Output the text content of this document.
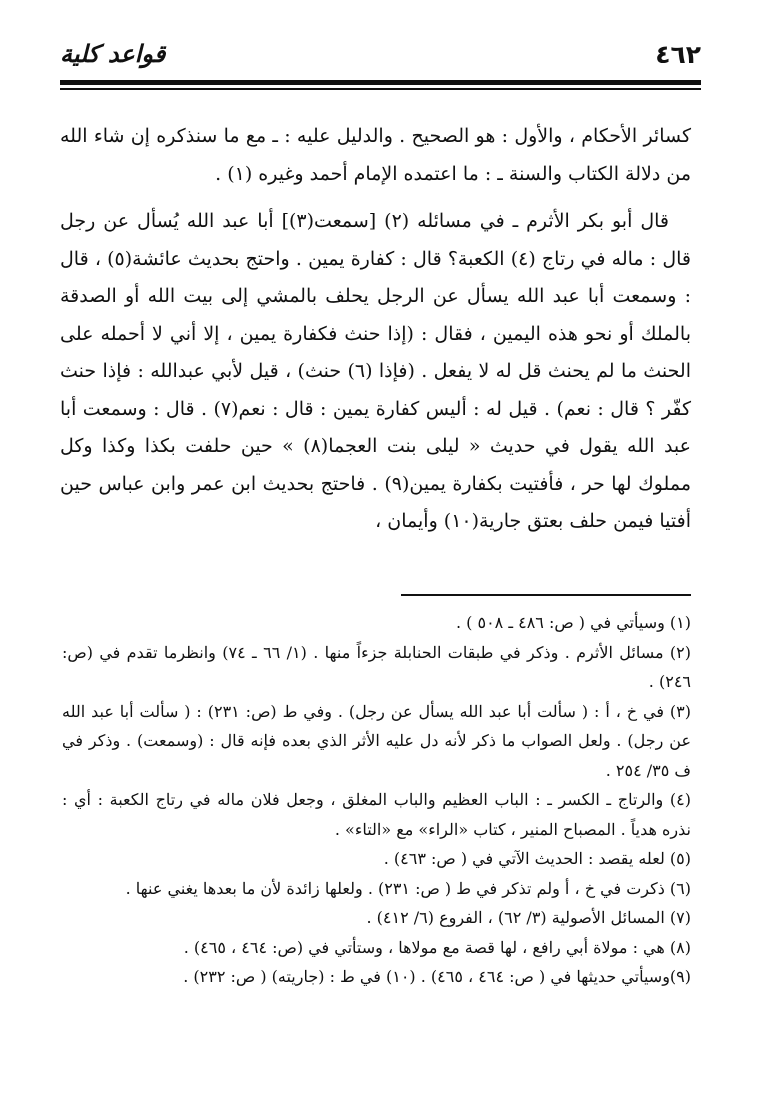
٤٦٢
قواعد كلية

كسائر الأحكام ، والأول : هو الصحيح . والدليل عليه : ـ مع ما سنذكره إن شاء الله من دلالة الكتاب والسنة ـ : ما اعتمده الإمام أحمد وغيره (١) .

قال أبو بكر الأثرم ـ في مسائله (٢) [سمعت(٣)] أبا عبد الله يُسأل عن رجل قال : ماله في رتاج (٤) الكعبة؟ قال : كفارة يمين . واحتج بحديث عائشة(٥) ، قال : وسمعت أبا عبد الله يسأل عن الرجل يحلف بالمشي إلى بيت الله أو الصدقة بالملك أو نحو هذه اليمين ، فقال : (إذا حنث فكفارة يمين ، إلا أني لا أحمله على الحنث ما لم يحنث قل له لا يفعل . (فإذا (٦) حنث) ، قيل لأبي عبدالله : فإذا حنث كفّر ؟ قال : نعم) . قيل له : أليس كفارة يمين : قال : نعم(٧) . قال : وسمعت أبا عبد الله يقول في حديث « ليلى بنت العجما(٨) » حين حلفت بكذا وكذا وكل مملوك لها حر ، فأفتيت بكفارة يمين(٩) . فاحتج بحديث ابن عمر وابن عباس حين أفتيا فيمن حلف بعتق جارية(١٠) وأيمان ،

(١) وسيأتي في ( ص: ٤٨٦ ـ ٥٠٨ ) .

(٢) مسائل الأثرم . وذكر في طبقات الحنابلة جزءاً منها . (١/ ٦٦ ـ ٧٤) وانظرما تقدم في (ص: ٢٤٦) .

(٣) في خ ، أ : ( سألت أبا عبد الله يسأل عن رجل) . وفي ط (ص: ٢٣١) : ( سألت أبا عبد الله عن رجل) . ولعل الصواب ما ذكر لأنه دل عليه الأثر الذي بعده فإنه قال : (وسمعت) . وذكر في ف ٣٥/ ٢٥٤ .

(٤) والرتاج ـ الكسر ـ : الباب العظيم والباب المغلق ، وجعل فلان ماله في رتاج الكعبة : أي : نذره هدياً . المصباح المنير ، كتاب «الراء» مع «التاء» .

(٥) لعله يقصد : الحديث الآتي في ( ص: ٤٦٣) .

(٦) ذكرت في خ ، أ ولم تذكر في ط ( ص: ٢٣١) . ولعلها زائدة لأن ما بعدها يغني عنها .

(٧) المسائل الأصولية (٣/ ٦٢) ، الفروع (٦/ ٤١٢) .

(٨) هي : مولاة أبي رافع ، لها قصة مع مولاها ، وستأتي في (ص: ٤٦٤ ، ٤٦٥) .

(٩)وسيأتي حديثها في ( ص: ٤٦٤ ، ٤٦٥) . (١٠) في ط : (جاريته) ( ص: ٢٣٢) .
